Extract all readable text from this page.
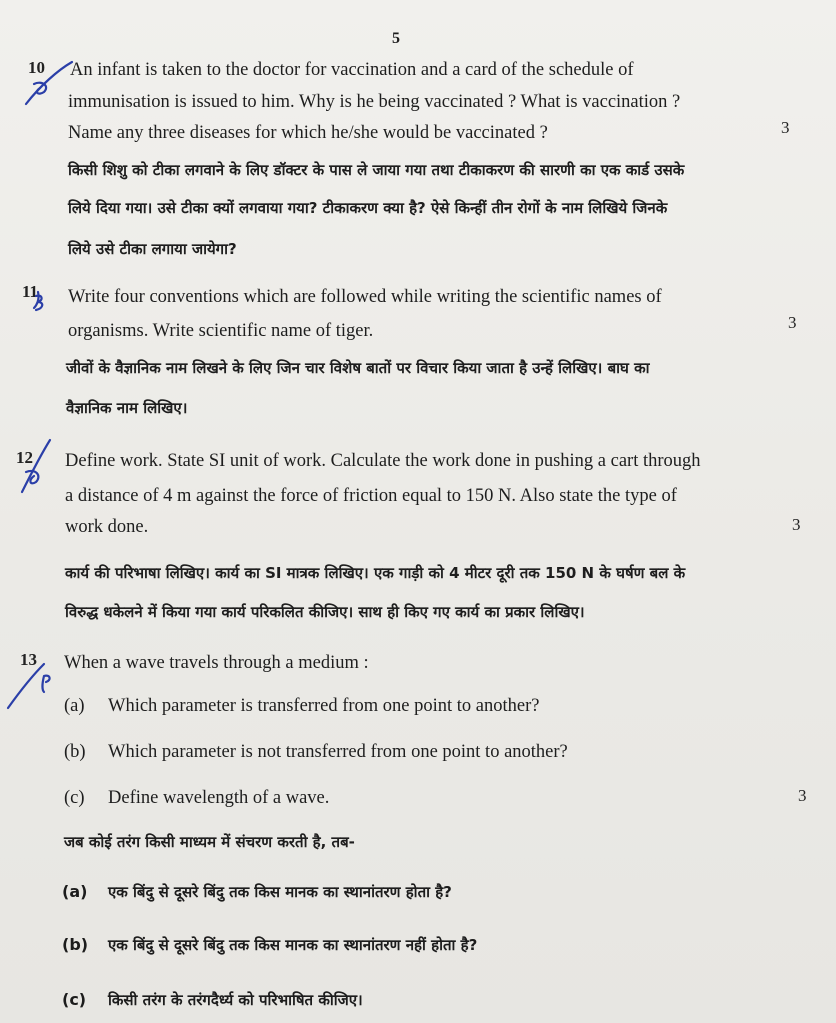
5
10 An infant is taken to the doctor for vaccination and a card of the schedule of
immunisation is issued to him. Why is he being vaccinated ? What is vaccination ?
Name any three diseases for which he/she would be vaccinated ?	3
किसी शिशु को टीका लगवाने के लिए डॉक्टर के पास ले जाया गया तथा टीकाकरण की सारणी का एक कार्ड उसके
लिये दिया गया। उसे टीका क्यों लगवाया गया? टीकाकरण क्या है? ऐसे किन्हीं तीन रोगों के नाम लिखिये जिनके
लिये उसे टीका लगाया जायेगा?
11 Write four conventions which are followed while writing the scientific names of
organisms. Write scientific name of tiger.	3
जीवों के वैज्ञानिक नाम लिखने के लिए जिन चार विशेष बातों पर विचार किया जाता है उन्हें लिखिए। बाघ का
वैज्ञानिक नाम लिखिए।
12 Define work. State SI unit of work. Calculate the work done in pushing a cart through
a distance of 4 m against the force of friction equal to 150 N. Also state the type of
work done.	3
कार्य की परिभाषा लिखिए। कार्य का SI मात्रक लिखिए। एक गाड़ी को 4 मीटर दूरी तक 150 N के घर्षण बल के
विरुद्ध धकेलने में किया गया कार्य परिकलित कीजिए। साथ ही किए गए कार्य का प्रकार लिखिए।
13 When a wave travels through a medium :
(a) Which parameter is transferred from one point to another?
(b) Which parameter is not transferred from one point to another?
(c) Define wavelength of a wave.	3
जब कोई तरंग किसी माध्यम में संचरण करती है, तब-
(a) एक बिंदु से दूसरे बिंदु तक किस मानक का स्थानांतरण होता है?
(b) एक बिंदु से दूसरे बिंदु तक किस मानक का स्थानांतरण नहीं होता है?
(c) किसी तरंग के तरंगदैर्ध्य को परिभाषित कीजिए।
